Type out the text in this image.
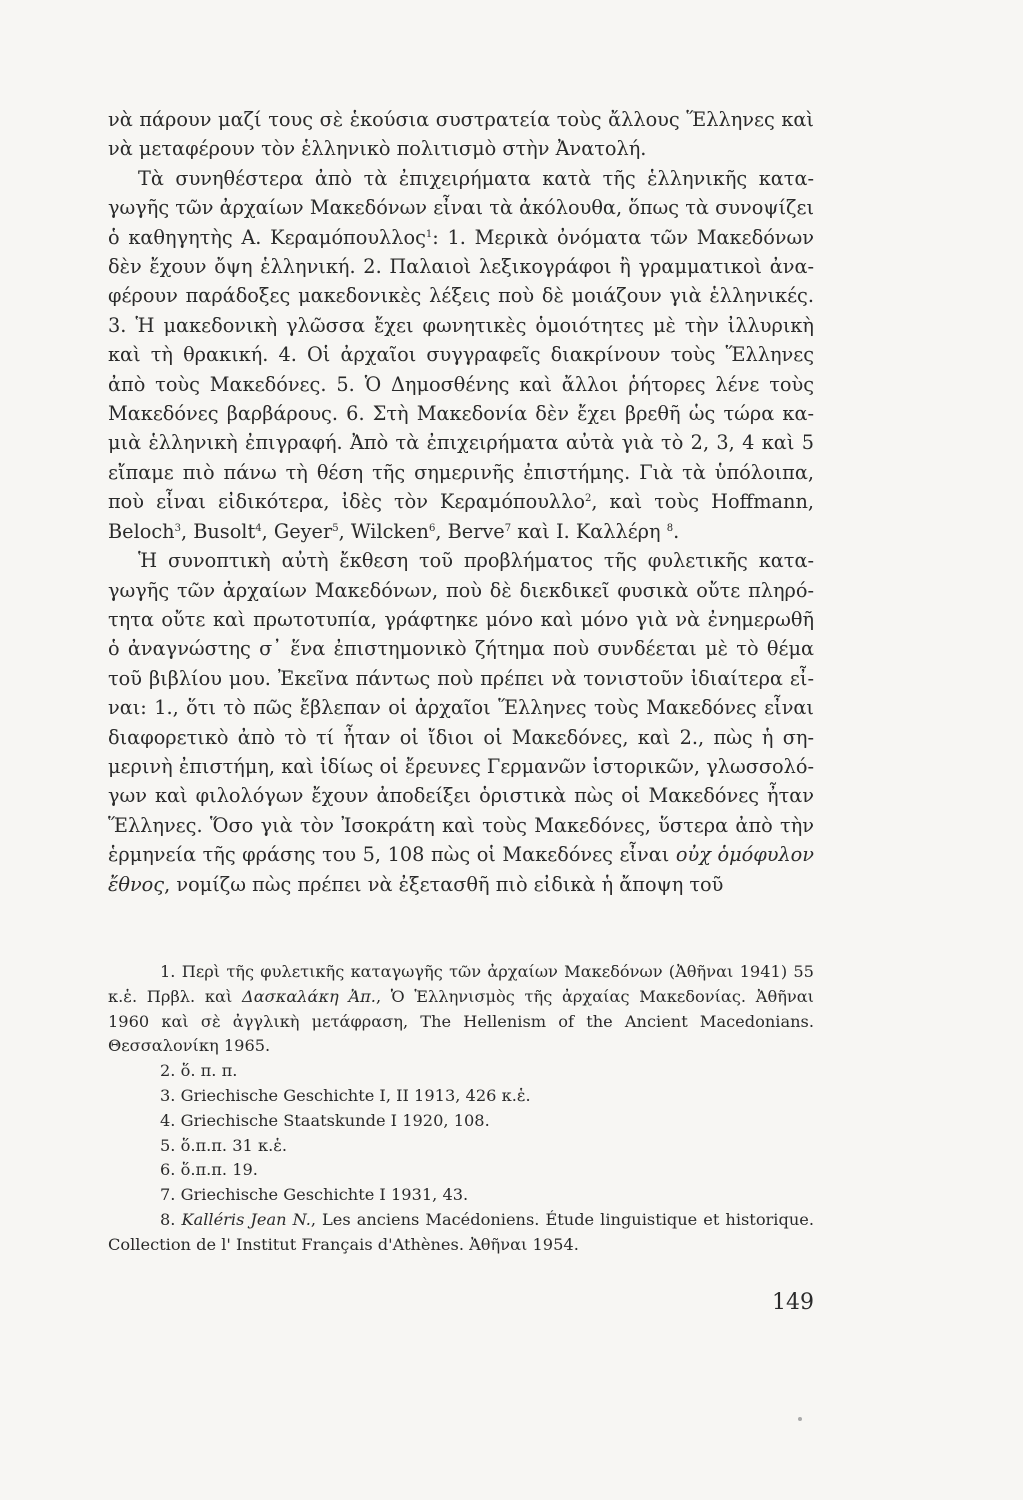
νὰ πάρουν μαζί τους σὲ ἑκούσια συστρατεία τοὺς ἄλλους Ἕλληνες καὶ νὰ μεταφέρουν τὸν ἑλληνικὸ πολιτισμὸ στὴν Ἀνατολή.

Τὰ συνηθέστερα ἀπὸ τὰ ἐπιχειρήματα κατὰ τῆς ἑλληνικῆς καταγωγῆς τῶν ἀρχαίων Μακεδόνων εἶναι τὰ ἀκόλουθα, ὅπως τὰ συνοψίζει ὁ καθηγητὴς Α. Κεραμόπουλλος$^1$: 1. Μερικὰ ὀνόματα τῶν Μακεδόνων δὲν ἔχουν ὄψη ἑλληνική. 2. Παλαιοὶ λεξικογράφοι ἢ γραμματικοὶ ἀναφέρουν παράδοξες μακεδονικὲς λέξεις ποὺ δὲ μοιάζουν γιὰ ἑλληνικές. 3. Ἡ μακεδονικὴ γλῶσσα ἔχει φωνητικὲς ὁμοιότητες μὲ τὴν ἰλλυρικὴ καὶ τὴ θρακική. 4. Οἱ ἀρχαῖοι συγγραφεῖς διακρίνουν τοὺς Ἕλληνες ἀπὸ τοὺς Μακεδόνες. 5. Ὁ Δημοσθένης καὶ ἄλλοι ῥήτορες λένε τοὺς Μακεδόνες βαρβάρους. 6. Στὴ Μακεδονία δὲν ἔχει βρεθῆ ὡς τώρα καμιὰ ἑλληνικὴ ἐπιγραφή. Ἀπὸ τὰ ἐπιχειρήματα αὐτὰ γιὰ τὸ 2, 3, 4 καὶ 5 εἴπαμε πιὸ πάνω τὴ θέση τῆς σημερινῆς ἐπιστήμης. Γιὰ τὰ ὑπόλοιπα, ποὺ εἶναι εἰδικότερα, ἰδὲς τὸν Κεραμόπουλλο$^2$, καὶ τοὺς Hoffmann, Beloch$^3$, Busolt$^4$, Geyer$^5$, Wilcken$^6$, Berve$^7$ καὶ I. Καλλέρη $^8$.

Ἡ συνοπτικὴ αὐτὴ ἔκθεση τοῦ προβλήματος τῆς φυλετικῆς καταγωγῆς τῶν ἀρχαίων Μακεδόνων, ποὺ δὲ διεκδικεῖ φυσικὰ οὔτε πληρότητα οὔτε καὶ πρωτοτυπία, γράφτηκε μόνο καὶ μόνο γιὰ νὰ ἐνημερωθῆ ὁ ἀναγνώστης σ᾽ ἕνα ἐπιστημονικὸ ζήτημα ποὺ συνδέεται μὲ τὸ θέμα τοῦ βιβλίου μου. Ἐκεῖνα πάντως ποὺ πρέπει νὰ τονιστοῦν ἰδιαίτερα εἶναι: 1., ὅτι τὸ πῶς ἔβλεπαν οἱ ἀρχαῖοι Ἕλληνες τοὺς Μακεδόνες εἶναι διαφορετικὸ ἀπὸ τὸ τί ἦταν οἱ ἴδιοι οἱ Μακεδόνες, καὶ 2., πὼς ἡ σημερινὴ ἐπιστήμη, καὶ ἰδίως οἱ ἔρευνες Γερμανῶν ἱστορικῶν, γλωσσολόγων καὶ φιλολόγων ἔχουν ἀποδείξει ὁριστικὰ πὼς οἱ Μακεδόνες ἦταν Ἕλληνες. Ὅσο γιὰ τὸν Ἰσοκράτη καὶ τοὺς Μακεδόνες, ὕστερα ἀπὸ τὴν ἑρμηνεία τῆς φράσης του 5, 108 πὼς οἱ Μακεδόνες εἶναι οὐχ ὁμόφυλον ἔθνος, νομίζω πὼς πρέπει νὰ ἐξετασθῆ πιὸ εἰδικὰ ἡ ἄποψη τοῦ

1. Περὶ τῆς φυλετικῆς καταγωγῆς τῶν ἀρχαίων Μακεδόνων (Ἀθῆναι 1941) 55 κ.ἑ. Πρβλ. καὶ Δασκαλάκη Ἀπ., Ὁ Ἑλληνισμὸς τῆς ἀρχαίας Μακεδονίας. Ἀθῆναι 1960 καὶ σὲ ἀγγλικὴ μετάφραση, The Hellenism of the Ancient Macedonians. Θεσσαλονίκη 1965.

2. ὅ. π. π.

3. Griechische Geschichte I, II 1913, 426 κ.ἑ.

4. Griechische Staatskunde I 1920, 108.

5. ὅ.π.π. 31 κ.ἑ.

6. ὅ.π.π. 19.

7. Griechische Geschichte I 1931, 43.

8. Kalléris Jean N., Les anciens Macédoniens. Étude linguistique et historique. Collection de l' Institut Français d'Athènes. Ἀθῆναι 1954.

149
